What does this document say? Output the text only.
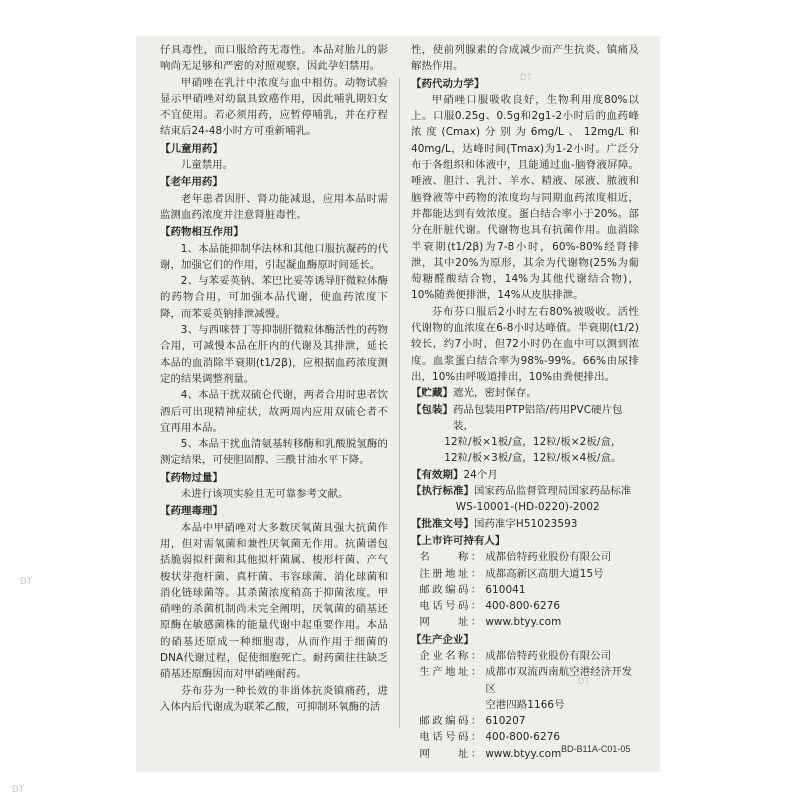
仔具毒性，而口服给药无毒性。本品对胎儿的影响尚无足够和严密的对照观察，因此孕妇禁用。

甲硝唑在乳汁中浓度与血中相仿。动物试验显示甲硝唑对幼鼠具致癌作用，因此哺乳期妇女不宜使用。若必须用药，应暂停哺乳，并在疗程结束后24-48小时方可重新哺乳。

【儿童用药】

儿童禁用。

【老年用药】

老年患者因肝、肾功能减退，应用本品时需监测血药浓度并注意肾脏毒性。

【药物相互作用】

1、本品能抑制华法林和其他口服抗凝药的代谢，加强它们的作用，引起凝血酶原时间延长。

2、与苯妥英钠、苯巴比妥等诱导肝微粒体酶的药物合用，可加强本品代谢，使血药浓度下降，而苯妥英钠排泄减慢。

3、与西咪替丁等抑制肝微粒体酶活性的药物合用，可减慢本品在肝内的代谢及其排泄，延长本品的血消除半衰期(t1/2β)，应根据血药浓度测定的结果调整剂量。

4、本品干扰双硫仑代谢，两者合用时患者饮酒后可出现精神症状，故两周内应用双硫仑者不宜再用本品。

5、本品干扰血清氨基转移酶和乳酸脱氢酶的测定结果，可使胆固醇、三酰甘油水平下降。

【药物过量】

未进行该项实验且无可靠参考文献。

【药理毒理】

本品中甲硝唑对大多数厌氧菌具强大抗菌作用，但对需氧菌和兼性厌氧菌无作用。抗菌谱包括脆弱拟杆菌和其他拟杆菌属、梭形杆菌、产气梭状芽孢杆菌、真杆菌、韦容球菌、消化球菌和消化链球菌等。其杀菌浓度稍高于抑菌浓度。甲硝唑的杀菌机制尚未完全阐明，厌氧菌的硝基还原酶在敏感菌株的能量代谢中起重要作用。本品的硝基还原成一种细胞毒，从而作用于细菌的DNA代谢过程，促使细胞死亡。耐药菌往往缺乏硝基还原酶因而对甲硝唑耐药。

芬布芬为一种长效的非甾体抗炎镇痛药，进入体内后代谢成为联苯乙酸，可抑制环氧酶的活

性，使前列腺素的合成减少而产生抗炎、镇痛及解热作用。

【药代动力学】

甲硝唑口服吸收良好，生物利用度80%以上。口服0.25g、0.5g和2g1-2小时后的血药峰浓度(Cmax)分别为6mg/L、12mg/L和40mg/L，达峰时间(Tmax)为1-2小时。广泛分布于各组织和体液中，且能通过血-脑脊液屏障。唾液、胆汁、乳汁、羊水、精液、尿液、脓液和脑脊液等中药物的浓度均与同期血药浓度相近，并都能达到有效浓度。蛋白结合率小于20%。部分在肝脏代谢。代谢物也具有抗菌作用。血消除半衰期(t1/2β)为7-8小时，60%-80%经肾排泄，其中20%为原形，其余为代谢物(25%为葡萄糖醛酸结合物，14%为其他代谢结合物)，10%随粪便排泄，14%从皮肤排泄。

芬布芬口服后2小时左右80%被吸收。活性代谢物的血浓度在6-8小时达峰值。半衰期(t1/2)较长，约7小时，但72小时仍在血中可以测到浓度。血浆蛋白结合率为98%-99%。66%由尿排出，10%由呼吸道排出，10%由粪便排出。

【贮藏】 遮光，密封保存。
【包装】 药品包装用PTP铝箔/药用PVC硬片包装，

12粒/板×1板/盒，12粒/板×2板/盒，

12粒/板×3板/盒，12粒/板×4板/盒。

【有效期】 24个月
【执行标准】 国家药品监督管理局国家药品标准

WS-10001-(HD-0220)-2002

【批准文号】 国药准字H51023593

【上市许可持有人】

名　　称： 成都倍特药业股份有限公司
注册地址： 成都高新区高朋大道15号
邮政编码： 610041
电话号码： 400-800-6276
网　　址： www.btyy.com

【生产企业】

企业名称： 成都倍特药业股份有限公司
生产地址： 成都市双流西南航空港经济开发区

空港四路1166号

邮政编码： 610207
电话号码： 400-800-6276
网　　址： www.btyy.com BD-B11A-C01-05
DT
DT
DT
DT
